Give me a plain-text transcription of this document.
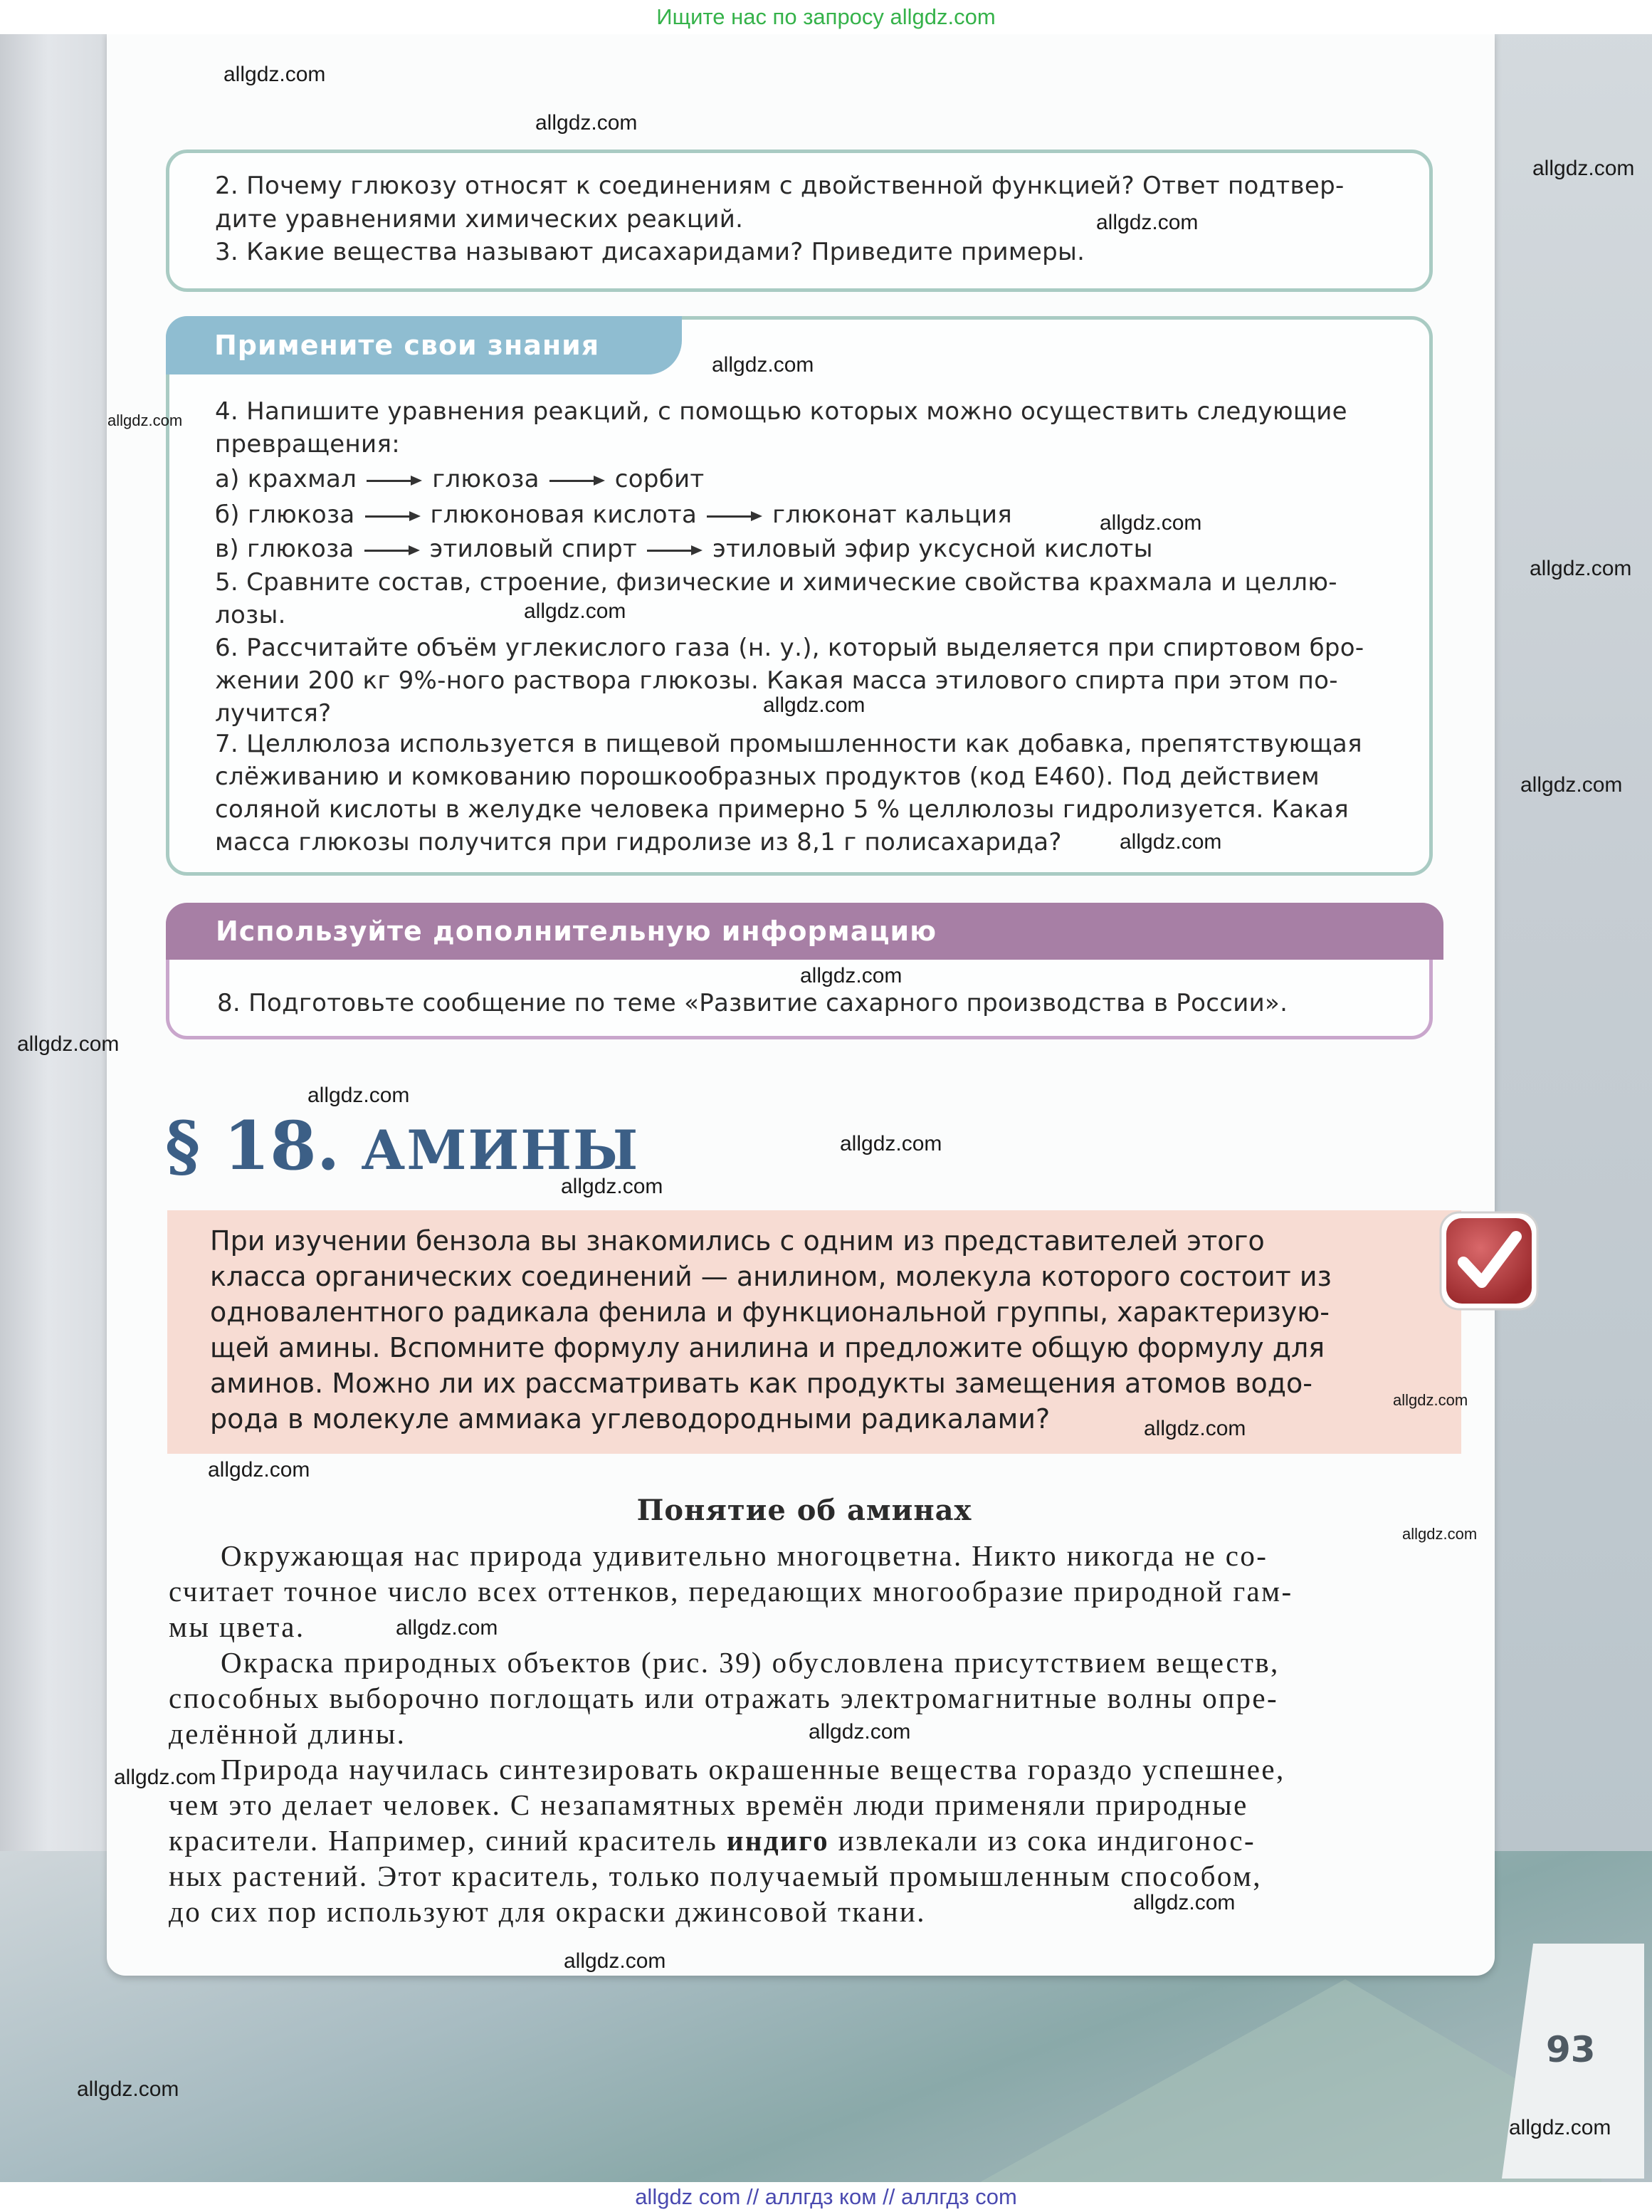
93
Ищите нас по запросу allgdz.com
2. Почему глюкозу относят к соединениям с двойственной функцией? Ответ подтвер-
дите уравнениями химических реакций.
3. Какие вещества называют дисахаридами? Приведите примеры.
Примените свои знания
4. Напишите уравнения реакций, с помощью которых можно осуществить следующие
превращения:
а) крахмал	глюкоза	сорбит
б) глюкоза	глюконовая кислота	глюконат кальция
в) глюкоза	этиловый спирт	этиловый эфир уксусной кислоты
5. Сравните состав, строение, физические и химические свойства крахмала и целлю-
лозы.
6. Рассчитайте объём углекислого газа (н. у.), который выделяется при спиртовом бро-
жении 200 кг 9%-ного раствора глюкозы. Какая масса этилового спирта при этом по-
лучится?
7. Целлюлоза используется в пищевой промышленности как добавка, препятствующая
слёживанию и комкованию порошкообразных продуктов (код Е460). Под действием
соляной кислоты в желудке человека примерно 5 % целлюлозы гидролизуется. Какая
масса глюкозы получится при гидролизе из 8,1 г полисахарида?
Используйте дополнительную информацию
8. Подготовьте сообщение по теме «Развитие сахарного производства в России».
§ 18. АМИНЫ
При изучении бензола вы знакомились с одним из представителей этого
класса органических соединений — анилином, молекула которого состоит из
одновалентного радикала фенила и функциональной группы, характеризую-
щей амины. Вспомните формулу анилина и предложите общую формулу для
аминов. Можно ли их рассматривать как продукты замещения атомов водо-
рода в молекуле аммиака углеводородными радикалами?
Понятие об аминах
Окружающая нас природа удивительно многоцветна. Никто никогда не со-
считает точное число всех оттенков, передающих многообразие природной гам-
мы цвета.
Окраска природных объектов (рис. 39) обусловлена присутствием веществ,
способных выборочно поглощать или отражать электромагнитные волны опре-
делённой длины.
Природа научилась синтезировать окрашенные вещества гораздо успешнее,
чем это делает человек. С незапамятных времён люди применяли природные
красители. Например, синий краситель индиго извлекали из сока индигонос-
ных растений. Этот краситель, только получаемый промышленным способом,
до сих пор используют для окраски джинсовой ткани.
allgdz.com
allgdz.com
allgdz.com
allgdz.com
allgdz.com
allgdz.com
allgdz.com
allgdz.com
allgdz.com
allgdz.com
allgdz.com
allgdz.com
allgdz.com
allgdz.com
allgdz.com
allgdz.com
allgdz.com
allgdz.com
allgdz.com
allgdz.com
allgdz.com
allgdz.com
allgdz.com
allgdz.com
allgdz.com
allgdz.com
allgdz.com
allgdz.com
allgdz com // аллгдз ком // аллгдз com
